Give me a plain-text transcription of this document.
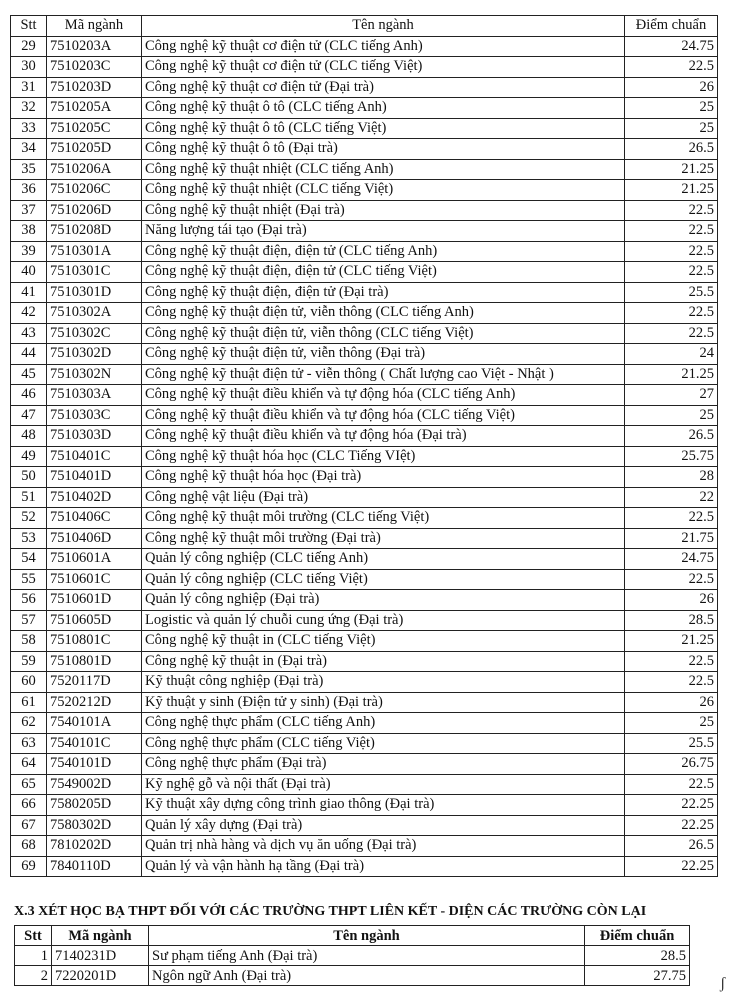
Stt	Mã ngành	Tên ngành	Điểm chuẩn
29	7510203A	Công nghệ kỹ thuật cơ điện tử (CLC tiếng Anh)	24.75
30	7510203C	Công nghệ kỹ thuật cơ điện tử (CLC tiếng Việt)	22.5
31	7510203D	Công nghệ kỹ thuật cơ điện tử (Đại trà)	26
32	7510205A	Công nghệ kỹ thuật ô tô (CLC tiếng Anh)	25
33	7510205C	Công nghệ kỹ thuật ô tô (CLC tiếng Việt)	25
34	7510205D	Công nghệ kỹ thuật ô tô (Đại trà)	26.5
35	7510206A	Công nghệ kỹ thuật nhiệt (CLC tiếng Anh)	21.25
36	7510206C	Công nghệ kỹ thuật nhiệt (CLC tiếng Việt)	21.25
37	7510206D	Công nghệ kỹ thuật nhiệt (Đại trà)	22.5
38	7510208D	Năng lượng tái tạo (Đại trà)	22.5
39	7510301A	Công nghệ kỹ thuật điện, điện tử (CLC tiếng Anh)	22.5
40	7510301C	Công nghệ kỹ thuật điện, điện tử (CLC tiếng Việt)	22.5
41	7510301D	Công nghệ kỹ thuật điện, điện tử (Đại trà)	25.5
42	7510302A	Công nghệ kỹ thuật điện tử, viễn thông (CLC tiếng Anh)	22.5
43	7510302C	Công nghệ kỹ thuật điện tử, viễn thông (CLC tiếng Việt)	22.5
44	7510302D	Công nghệ kỹ thuật điện tử, viễn thông (Đại trà)	24
45	7510302N	Công nghệ kỹ thuật điện tử - viễn thông ( Chất lượng cao Việt - Nhật )	21.25
46	7510303A	Công nghệ kỹ thuật điều khiển và tự động hóa (CLC tiếng Anh)	27
47	7510303C	Công nghệ kỹ thuật điều khiển và tự động hóa (CLC tiếng Việt)	25
48	7510303D	Công nghệ kỹ thuật điều khiển và tự động hóa (Đại trà)	26.5
49	7510401C	Công nghệ kỹ thuật hóa học (CLC Tiếng VIệt)	25.75
50	7510401D	Công nghệ kỹ thuật hóa học (Đại trà)	28
51	7510402D	Công nghệ vật liệu (Đại trà)	22
52	7510406C	Công nghệ kỹ thuật môi trường (CLC tiếng Việt)	22.5
53	7510406D	Công nghệ kỹ thuật môi trường (Đại trà)	21.75
54	7510601A	Quản lý công nghiệp (CLC tiếng Anh)	24.75
55	7510601C	Quản lý công nghiệp (CLC tiếng Việt)	22.5
56	7510601D	Quản lý công nghiệp (Đại trà)	26
57	7510605D	Logistic và quản lý chuỗi cung ứng (Đại trà)	28.5
58	7510801C	Công nghệ kỹ thuật in (CLC tiếng Việt)	21.25
59	7510801D	Công nghệ kỹ thuật in (Đại trà)	22.5
60	7520117D	Kỹ thuật công nghiệp (Đại trà)	22.5
61	7520212D	Kỹ thuật y sinh (Điện tử y sinh) (Đại trà)	26
62	7540101A	Công nghệ thực phẩm (CLC tiếng Anh)	25
63	7540101C	Công nghệ thực phẩm (CLC tiếng Việt)	25.5
64	7540101D	Công nghệ thực phẩm (Đại trà)	26.75
65	7549002D	Kỹ nghệ gỗ và nội thất (Đại trà)	22.5
66	7580205D	Kỹ thuật xây dựng công trình giao thông (Đại trà)	22.25
67	7580302D	Quản lý xây dựng (Đại trà)	22.25
68	7810202D	Quản trị nhà hàng và dịch vụ ăn uống (Đại trà)	26.5
69	7840110D	Quản lý và vận hành hạ tầng (Đại trà)	22.25
X.3 XÉT HỌC BẠ THPT ĐỐI VỚI CÁC TRƯỜNG THPT LIÊN KẾT - DIỆN CÁC TRƯỜNG CÒN LẠI
Stt	Mã ngành	Tên ngành	Điểm chuẩn
1	7140231D	Sư phạm tiếng Anh (Đại trà)	28.5
2	7220201D	Ngôn ngữ Anh (Đại trà)	27.75 ʃ
